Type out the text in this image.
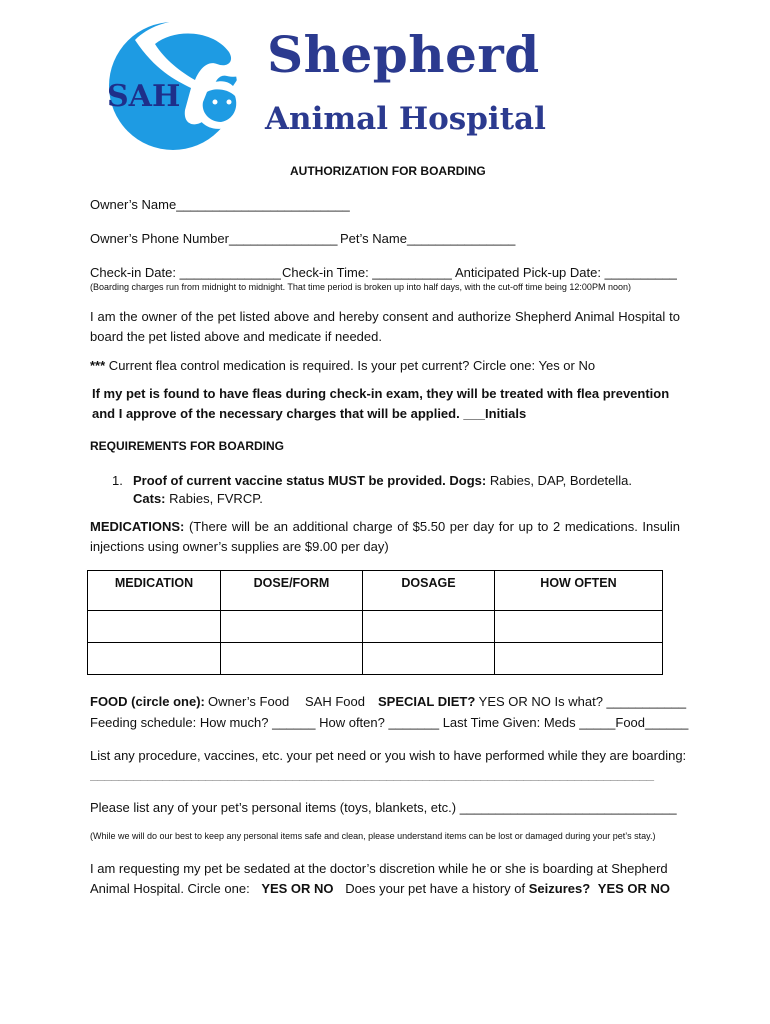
SAH
Shepherd
Animal Hospital
AUTHORIZATION FOR BOARDING
Owner’s Name________________________
Owner’s Phone Number_______________ Pet’s Name_______________
Check-in Date: ______________ Check-in Time: ___________ Anticipated Pick-up Date: __________
(Boarding charges run from midnight to midnight. That time period is broken up into half days, with the cut-off time being 12:00PM noon)
I am the owner of the pet listed above and hereby consent and authorize Shepherd Animal Hospital to board the pet listed above and medicate if needed.
*** Current flea control medication is required. Is your pet current? Circle one: Yes or No
If my pet is found to have fleas during check-in exam, they will be treated with flea prevention and I approve of the necessary charges that will be applied. ___Initials
REQUIREMENTS FOR BOARDING
1. Proof of current vaccine status MUST be provided. Dogs: Rabies, DAP, Bordetella.
Cats: Rabies, FVRCP.
MEDICATIONS: (There will be an additional charge of $5.50 per day for up to 2 medications. Insulin injections using owner’s supplies are $9.00 per day)
MEDICATION	DOSE/FORM	DOSAGE	HOW OFTEN

FOOD (circle one): Owner’s Food SAH Food SPECIAL DIET? YES OR NO Is what? ___________
Feeding schedule: How much? ______ How often? _______ Last Time Given: Meds _____Food______
List any procedure, vaccines, etc. your pet need or you wish to have performed while they are boarding:
______________________________________________________________________________
Please list any of your pet’s personal items (toys, blankets, etc.) ______________________________
(While we will do our best to keep any personal items safe and clean, please understand items can be lost or damaged during your pet’s stay.)
I am requesting my pet be sedated at the doctor’s discretion while he or she is boarding at Shepherd
Animal Hospital. Circle one: YES OR NO Does your pet have a history of Seizures? YES OR NO
